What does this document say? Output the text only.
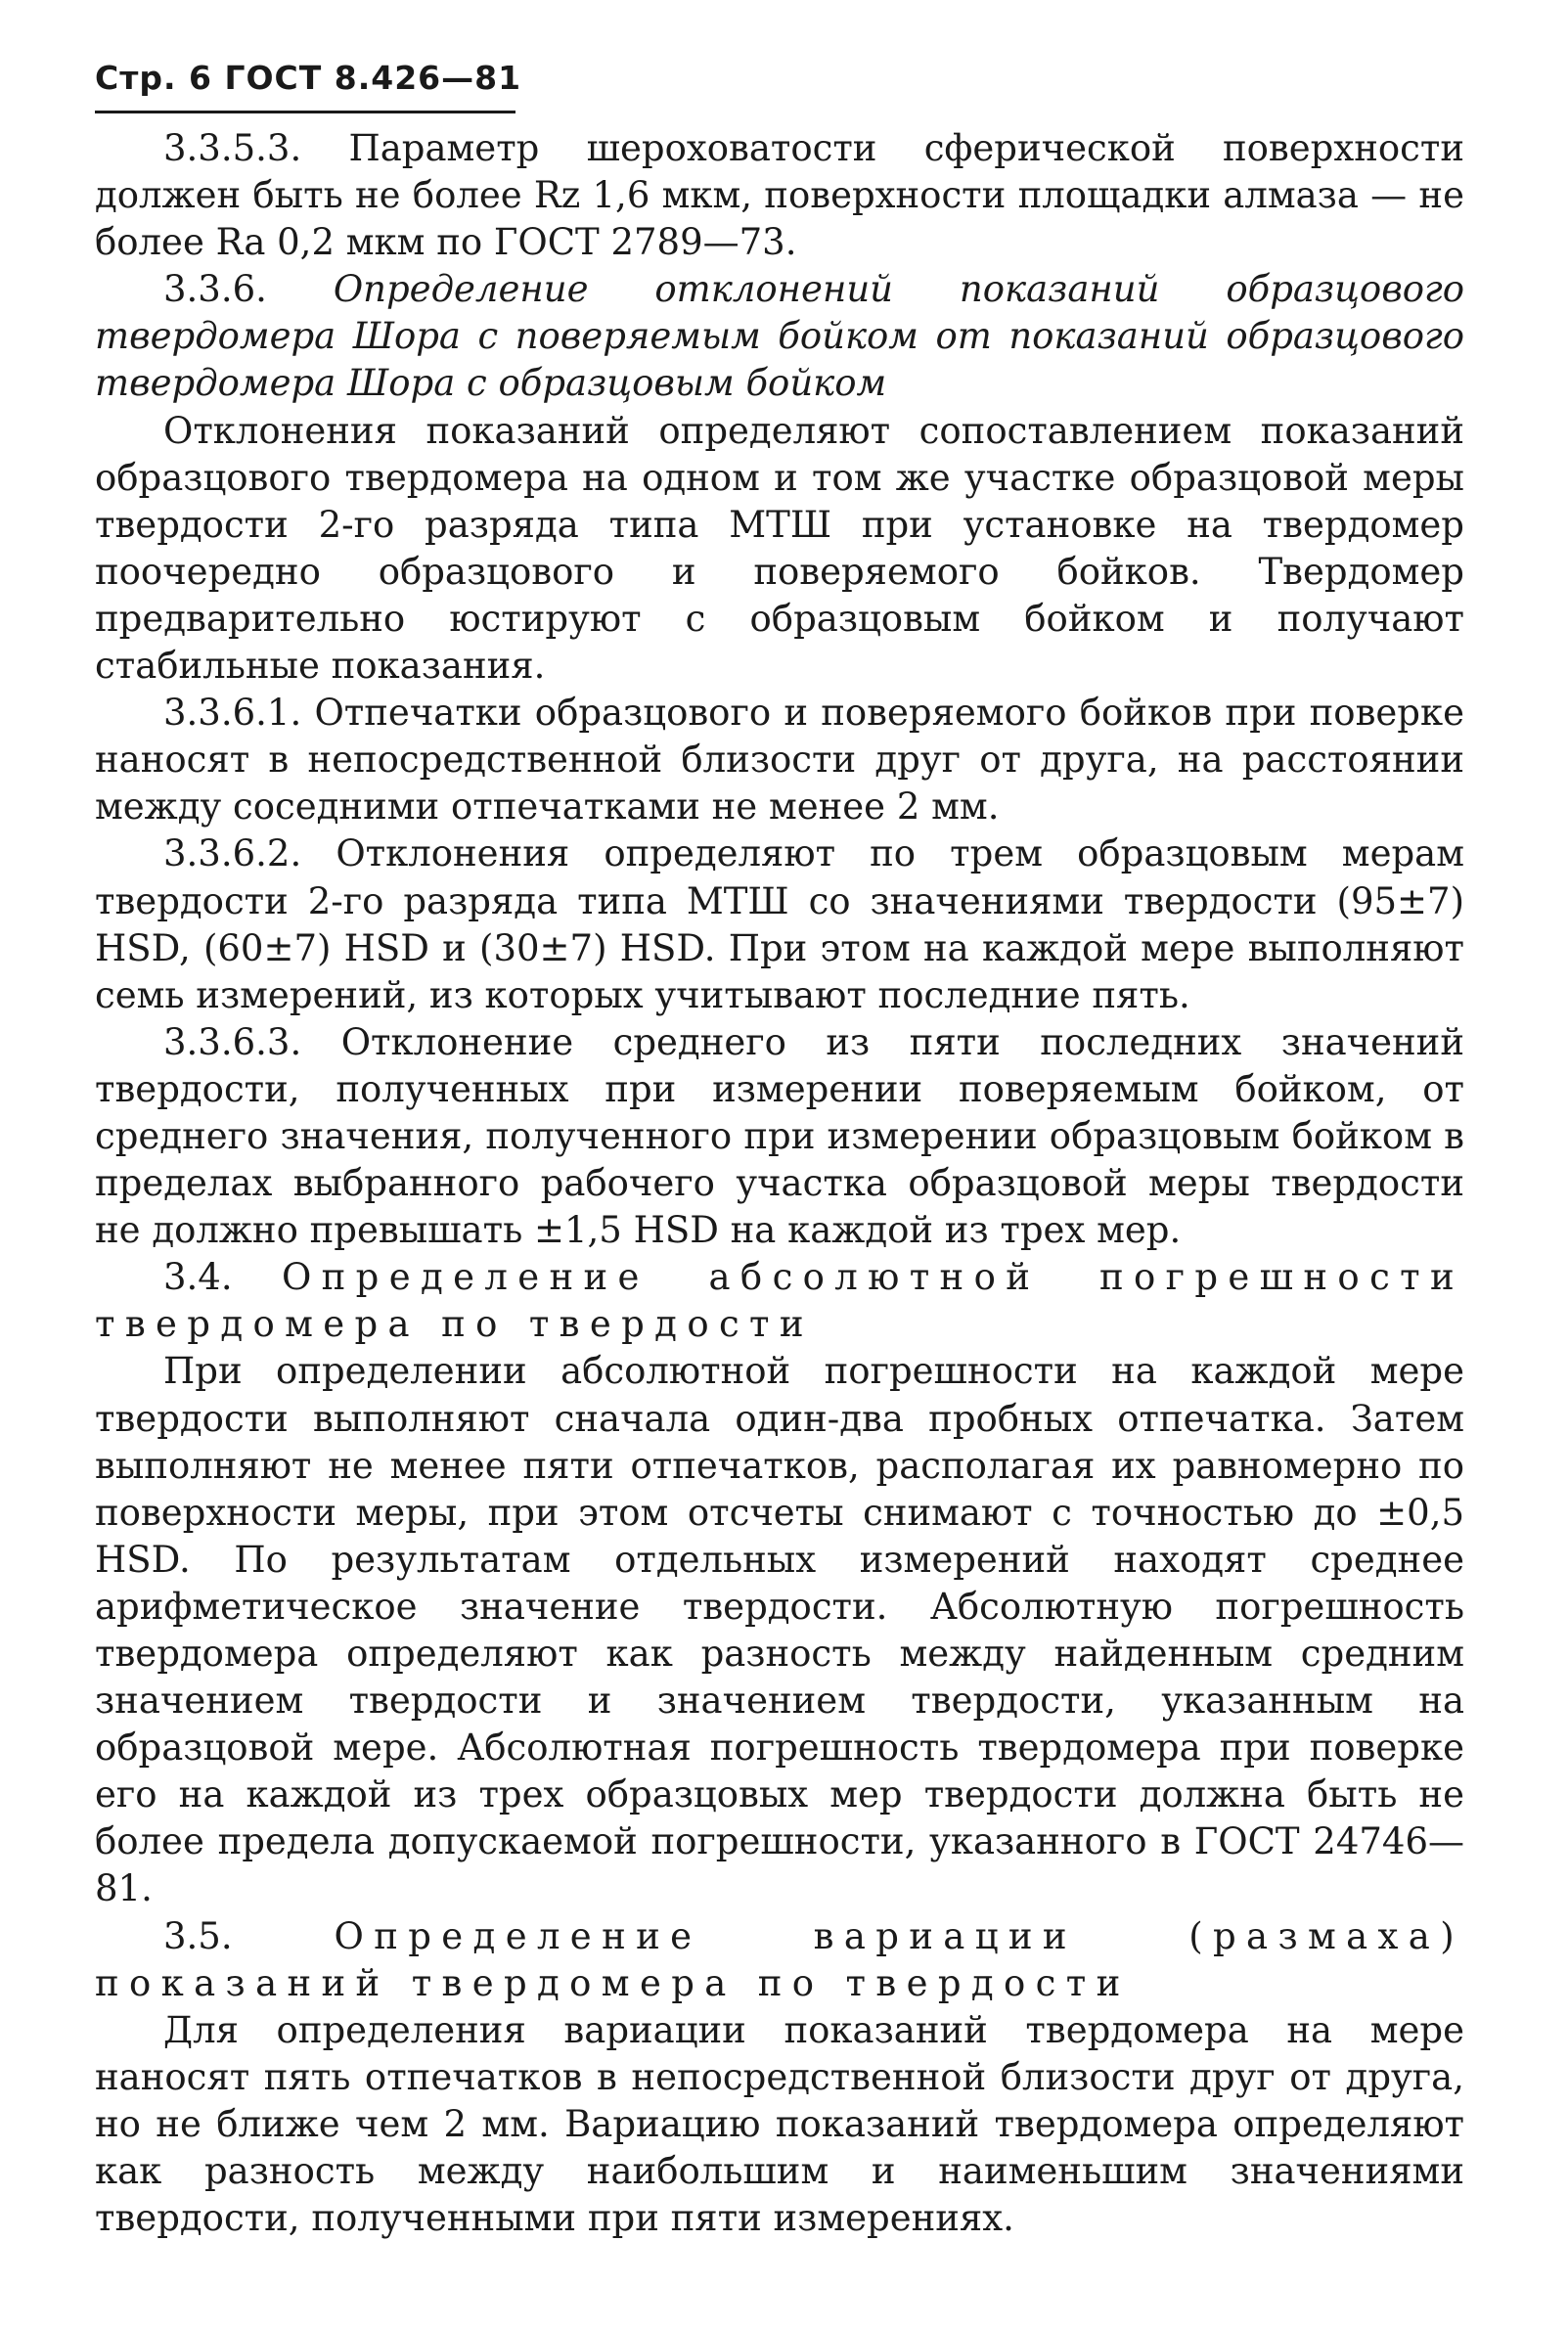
Стр. 6 ГОСТ 8.426—81

3.3.5.3. Параметр шероховатости сферической поверхности должен быть не более Rz 1,6 мкм, поверхности площадки алмаза — не более Ra 0,2 мкм по ГОСТ 2789—73.

3.3.6. Определение отклонений показаний образцового твердомера Шора с поверяемым бойком от показаний образцового твердомера Шора с образцовым бойком

Отклонения показаний определяют сопоставлением показаний образцового твердомера на одном и том же участке образцовой меры твердости 2-го разряда типа МТШ при установке на твердомер поочередно образцового и поверяемого бойков. Твердомер предварительно юстируют с образцовым бойком и получают стабильные показания.

3.3.6.1. Отпечатки образцового и поверяемого бойков при поверке наносят в непосредственной близости друг от друга, на расстоянии между соседними отпечатками не менее 2 мм.

3.3.6.2. Отклонения определяют по трем образцовым мерам твердости 2-го разряда типа МТШ со значениями твердости (95±7) HSD, (60±7) HSD и (30±7) HSD. При этом на каждой мере выполняют семь измерений, из которых учитывают последние пять.

3.3.6.3. Отклонение среднего из пяти последних значений твердости, полученных при измерении поверяемым бойком, от среднего значения, полученного при измерении образцовым бойком в пределах выбранного рабочего участка образцовой меры твердости не должно превышать ±1,5 HSD на каждой из трех мер.

3.4. Определение абсолютной погрешности твердомера по твердости

При определении абсолютной погрешности на каждой мере твердости выполняют сначала один-два пробных отпечатка. Затем выполняют не менее пяти отпечатков, располагая их равномерно по поверхности меры, при этом отсчеты снимают с точностью до ±0,5 HSD. По результатам отдельных измерений находят среднее арифметическое значение твердости. Абсолютную погрешность твердомера определяют как разность между найденным средним значением твердости и значением твердости, указанным на образцовой мере. Абсолютная погрешность твердомера при поверке его на каждой из трех образцовых мер твердости должна быть не более предела допускаемой погрешности, указанного в ГОСТ 24746—81.

3.5.	Определение вариации (размаха) показаний твердомера по твердости

Для определения вариации показаний твердомера на мере наносят пять отпечатков в непосредственной близости друг от друга, но не ближе чем 2 мм. Вариацию показаний твердомера определяют как разность между наибольшим и наименьшим значениями твердости, полученными при пяти измерениях.
